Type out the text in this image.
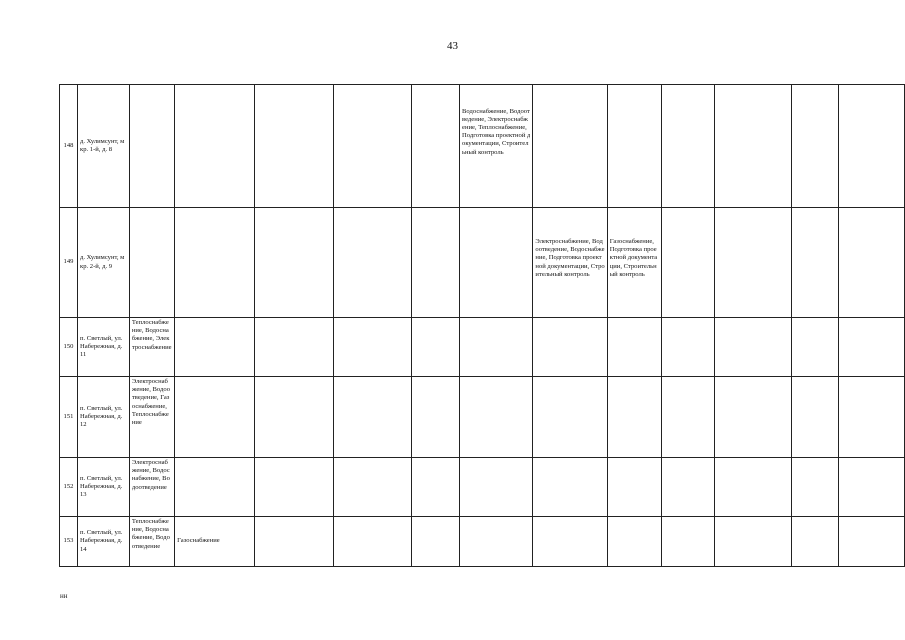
43
148	д. Хулимсунт, мкр. 1-й, д. 8						Водоснабжение, Водоотведение, Электроснабжение, Теплоснабжение, Подготовка проектной документации, Строительный контроль						

149	д. Хулимсунт, мкр. 2-й, д. 9							Электроснабжение, Водоотведение, Водоснабжение, Подготовка проектной документации, Строительный контроль	Газоснабжение, Подготовка проектной документации, Строительный контроль				

150	п. Светлый, ул. Набережная, д. 11	Теплоснабжение, Водоснабжение, Электроснабжение											

151	п. Светлый, ул. Набережная, д. 12	Электроснабжение, Водоотведение, Газоснабжение, Теплоснабжение											

152	п. Светлый, ул. Набережная, д. 13	Электроснабжение, Водоснабжение, Водоотведение											

153	п. Светлый, ул. Набережная, д. 14	Теплоснабжение, Водоснабжение, Водоотведение	Газоснабжение										
нн
